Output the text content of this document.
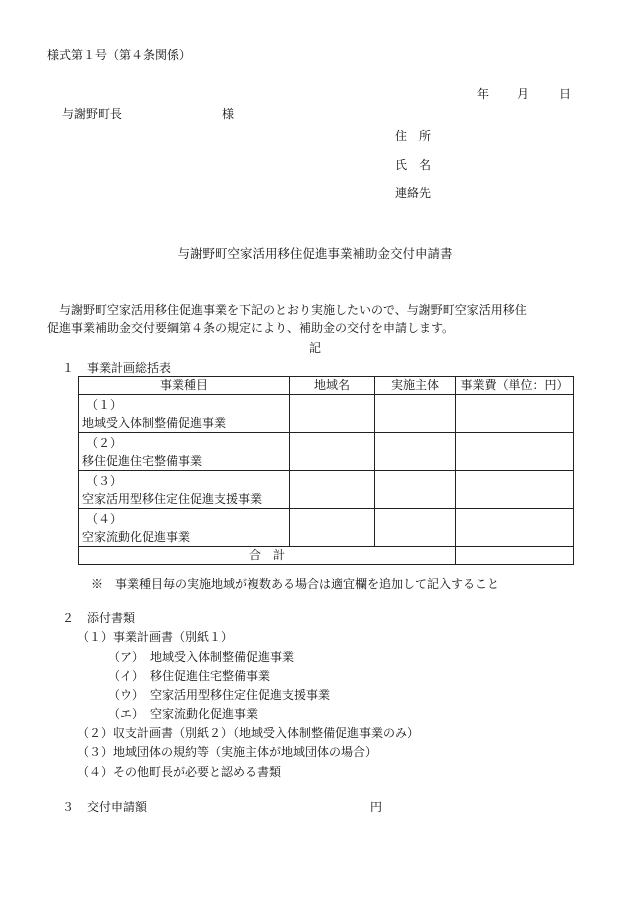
様式第１号（第４条関係）
年 月 日
与謝野町長	様
住　所
氏　名
連絡先
与謝野町空家活用移住促進事業補助金交付申請書
　与謝野町空家活用移住促進事業を下記のとおり実施したいので、与謝野町空家活用移住
促進事業補助金交付要綱第４条の規定により、補助金の交付を申請します。
記
１ 事業計画総括表
事業種目	地域名	実施主体	事業費（単位：円）

（１）
地域受入体制整備促進事業			

（２）
移住促進住宅整備事業			

（３）
空家活用型移住定住促進支援事業			

（４）
空家流動化促進事業			
合計			
※　事業種目毎の実施地域が複数ある場合は適宜欄を追加して記入すること
２ 添付書類
（１）事業計画書（別紙１）
（ア）　地域受入体制整備促進事業
（イ）　移住促進住宅整備事業
（ウ）　空家活用型移住定住促進支援事業
（エ）　空家流動化促進事業
（２）収支計画書（別紙２）（地域受入体制整備促進事業のみ）
（３）地域団体の規約等（実施主体が地域団体の場合）
（４）その他町長が必要と認める書類
３ 交付申請額	円
